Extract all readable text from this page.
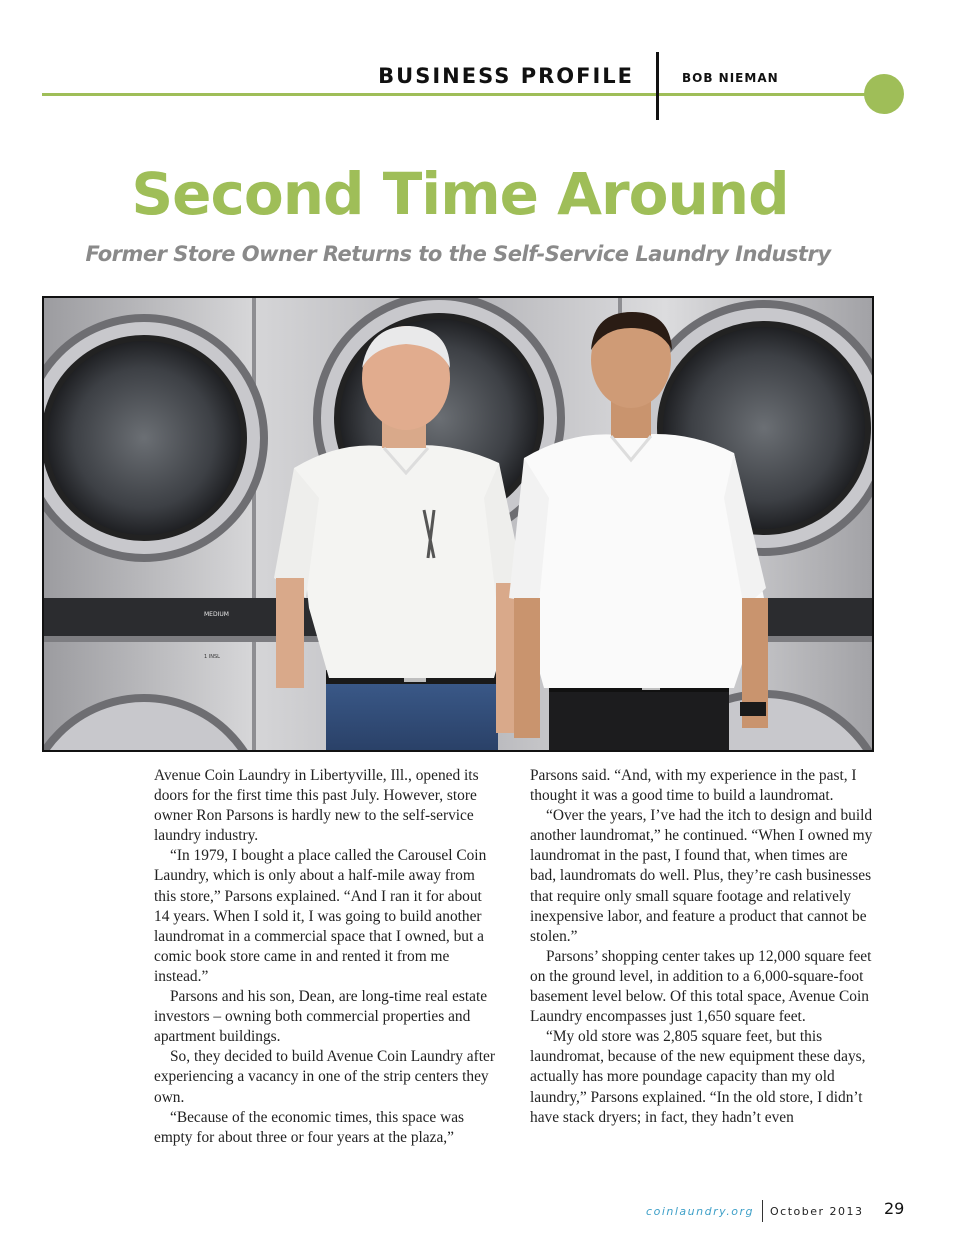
BUSINESS PROFILE	BOB NIEMAN
Second Time Around
Former Store Owner Returns to the Self-Service Laundry Industry
MEDIUM
1 INSL

Avenue Coin Laundry in Libertyville, Ill., opened its doors for the first time this past July. However, store owner Ron Parsons is hardly new to the self-service laundry industry.

“In 1979, I bought a place called the Carousel Coin Laundry, which is only about a half-mile away from this store,” Parsons explained. “And I ran it for about 14 years. When I sold it, I was going to build another laundromat in a commercial space that I owned, but a comic book store came in and rented it from me instead.”

Parsons and his son, Dean, are long-time real estate investors – owning both commercial properties and apartment buildings.

So, they decided to build Avenue Coin Laundry after experiencing a vacancy in one of the strip centers they own.

“Because of the economic times, this space was empty for about three or four years at the plaza,”

Parsons said. “And, with my experience in the past, I thought it was a good time to build a laundromat.

“Over the years, I’ve had the itch to design and build another laundromat,” he continued. “When I owned my laundromat in the past, I found that, when times are bad, laundromats do well. Plus, they’re cash businesses that require only small square footage and relatively inexpensive labor, and feature a product that cannot be stolen.”

Parsons’ shopping center takes up 12,000 square feet on the ground level, in addition to a 6,000-square-foot basement level below. Of this total space, Avenue Coin Laundry encompasses just 1,650 square feet.

“My old store was 2,805 square feet, but this laundromat, because of the new equipment these days, actually has more poundage capacity than my old laundry,” Parsons explained. “In the old store, I didn’t have stack dryers; in fact, they hadn’t even

coinlaundry.org October 2013 29
